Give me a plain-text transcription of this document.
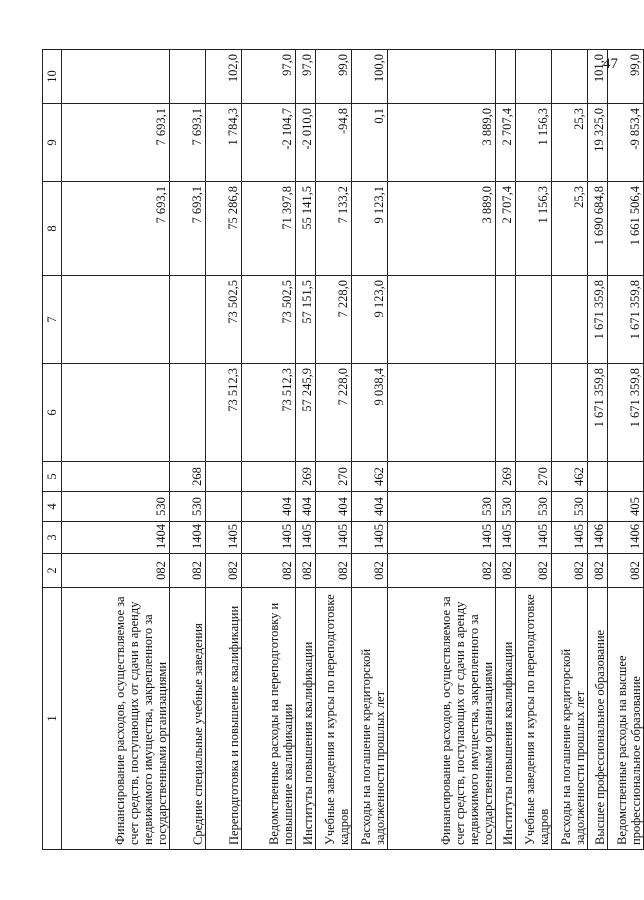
47
1	2	3	4	5	6	7	8	9	10
Финансирование расходов, осуществляемое за счет средств, поступающих от сдачи в аренду недвижимого имущества, закрепленного за государственными организациями	082	1404	530				7 693,1	7 693,1	
Средние специальные учебные заведения	082	1404	530	268			7 693,1	7 693,1	
Переподготовка и повышение квалификации	082	1405			73 512,3	73 502,5	75 286,8	1 784,3	102,0
Ведомственные расходы на переподготовку и повышение квалификации	082	1405	404		73 512,3	73 502,5	71 397,8	-2 104,7	97,0
Институты повышения квалификации	082	1405	404	269	57 245,9	57 151,5	55 141,5	-2 010,0	97,0
Учебные заведения и курсы по переподготовке кадров	082	1405	404	270	7 228,0	7 228,0	7 133,2	-94,8	99,0
Расходы на погашение кредиторской задолженности прошлых лет	082	1405	404	462	9 038,4	9 123,0	9 123,1	0,1	100,0
Финансирование расходов, осуществляемое за счет средств, поступающих от сдачи в аренду недвижимого имущества, закрепленного за государственными организациями	082	1405	530				3 889,0	3 889,0	
Институты повышения квалификации	082	1405	530	269			2 707,4	2 707,4	
Учебные заведения и курсы по переподготовке кадров	082	1405	530	270			1 156,3	1 156,3	
Расходы на погашение кредиторской задолженности прошлых лет	082	1405	530	462			25,3	25,3	
Высшее профессиональное образование	082	1406			1 671 359,8	1 671 359,8	1 690 684,8	19 325,0	101,0
Ведомственные расходы на высшее профессиональное образование	082	1406	405		1 671 359,8	1 671 359,8	1 661 506,4	-9 853,4	99,0
